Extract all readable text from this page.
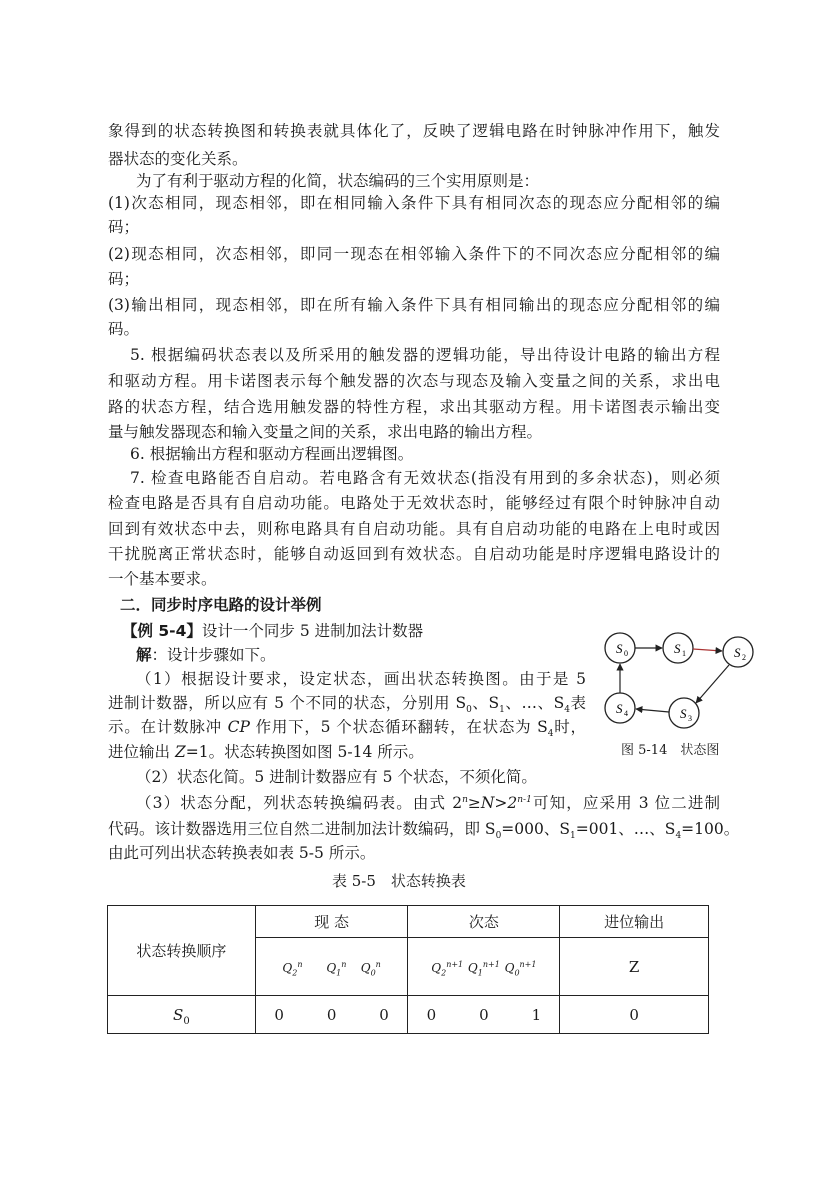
象得到的状态转换图和转换表就具体化了，反映了逻辑电路在时钟脉冲作用下，触发
器状态的变化关系。
为了有利于驱动方程的化简，状态编码的三个实用原则是：
(1)次态相同，现态相邻，即在相同输入条件下具有相同次态的现态应分配相邻的编
码；
(2)现态相同，次态相邻，即同一现态在相邻输入条件下的不同次态应分配相邻的编
码；
(3)输出相同，现态相邻，即在所有输入条件下具有相同输出的现态应分配相邻的编
码。
5. 根据编码状态表以及所采用的触发器的逻辑功能，导出待设计电路的输出方程
和驱动方程。用卡诺图表示每个触发器的次态与现态及输入变量之间的关系，求出电
路的状态方程，结合选用触发器的特性方程，求出其驱动方程。用卡诺图表示输出变
量与触发器现态和输入变量之间的关系，求出电路的输出方程。
6. 根据输出方程和驱动方程画出逻辑图。
7. 检查电路能否自启动。若电路含有无效状态(指没有用到的多余状态)，则必须
检查电路是否具有自启动功能。电路处于无效状态时，能够经过有限个时钟脉冲自动
回到有效状态中去，则称电路具有自启动功能。具有自启动功能的电路在上电时或因
干扰脱离正常状态时，能够自动返回到有效状态。自启动功能是时序逻辑电路设计的
一个基本要求。
二．同步时序电路的设计举例
【例 5-4】设计一个同步 5 进制加法计数器
解：设计步骤如下。
（1）根据设计要求，设定状态，画出状态转换图。由于是 5
进制计数器，所以应有 5 个不同的状态，分别用 $S_0$、$S_1$、…、$S_4$表
示。在计数脉冲 CP 作用下，5 个状态循环翻转，在状态为 $S_4$时，
进位输出 Z=1。状态转换图如图 5-14 所示。
S 0	S 1	S 2
S 3
S 4
图 5-14　状态图
（2）状态化简。5 进制计数器应有 5 个状态，不须化简。
（3）状态分配，列状态转换编码表。由式 $2^n\ge N>2^{n-1}$可知，应采用 3 位二进制
代码。该计数器选用三位自然二进制加法计数编码，即 $S_0=000$、$S_1=001$、…、$S_4=100$。
由此可列出状态转换表如表 5-5 所示。
表 5-5　状态转换表
状态转换顺序	现 态	次态	进位输出
	$Q_2^n$ $Q_1^n$ $Q_0^n$	$Q_2^{n+1}$ $Q_1^{n+1}$ $Q_0^{n+1}$	Z
$S_0$	0 0 0	0 0 1	0
